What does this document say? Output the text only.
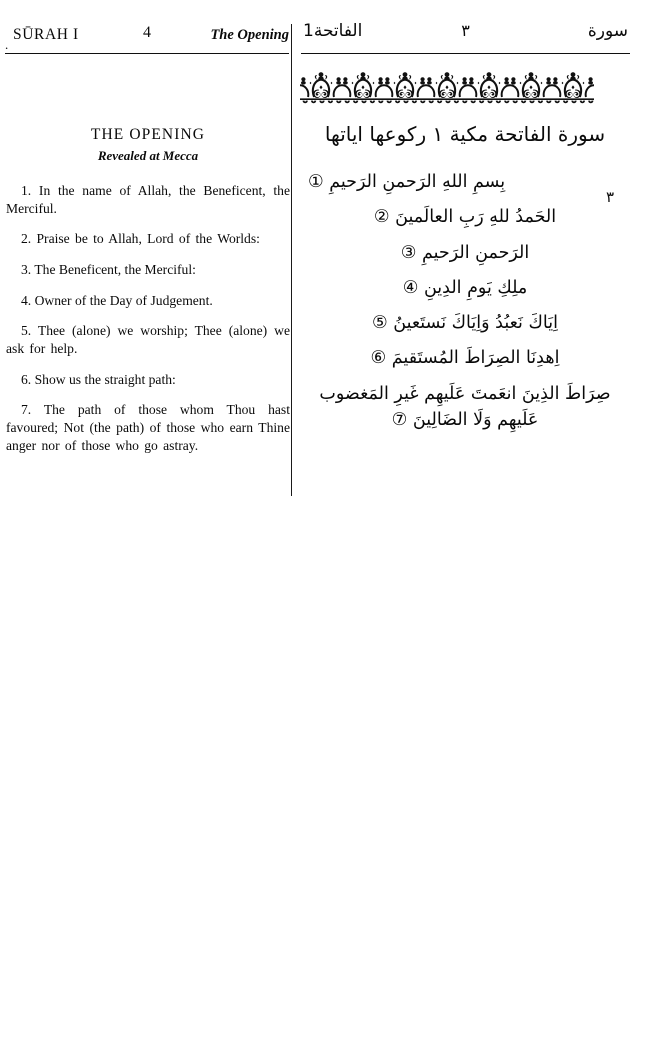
.
SŪRAH I	4	The Opening	سورة
٣
الفاتحة1
THE OPENING
Revealed at Mecca

1. In the name of Allah, the Beneficent, the Merciful.

2. Praise be to Allah, Lord of the Worlds:

3. The Beneficent, the Merciful:

4. Owner of the Day of Judgement.

5. Thee (alone) we worship; Thee (alone) we ask for help.

6. Show us the straight path:

7. The path of those whom Thou hast favoured; Not (the path) of those who earn Thine anger nor of those who go astray.

سورة الفاتحة مكية ١ ركوعها اياتها
بِسمِ اللهِ الرَحمنِ الرَحيمِ ①
الحَمدُ للهِ رَبِ العالَمينَ ②
الرَحمنِ الرَحيمِ ③
ملِكِ يَومِ الدِينِ ④
اِيَاكَ نَعبُدُ وَاِيَاكَ نَستَعينُ ⑤
اِهدِنَا الصِرَاطَ المُستَقيمَ ⑥
صِرَاطَ الذِينَ انعَمتَ عَلَيهِم غَيرِ المَغضوب
عَلَيهِم وَلَا الضَالِينَ ⑦
٣
